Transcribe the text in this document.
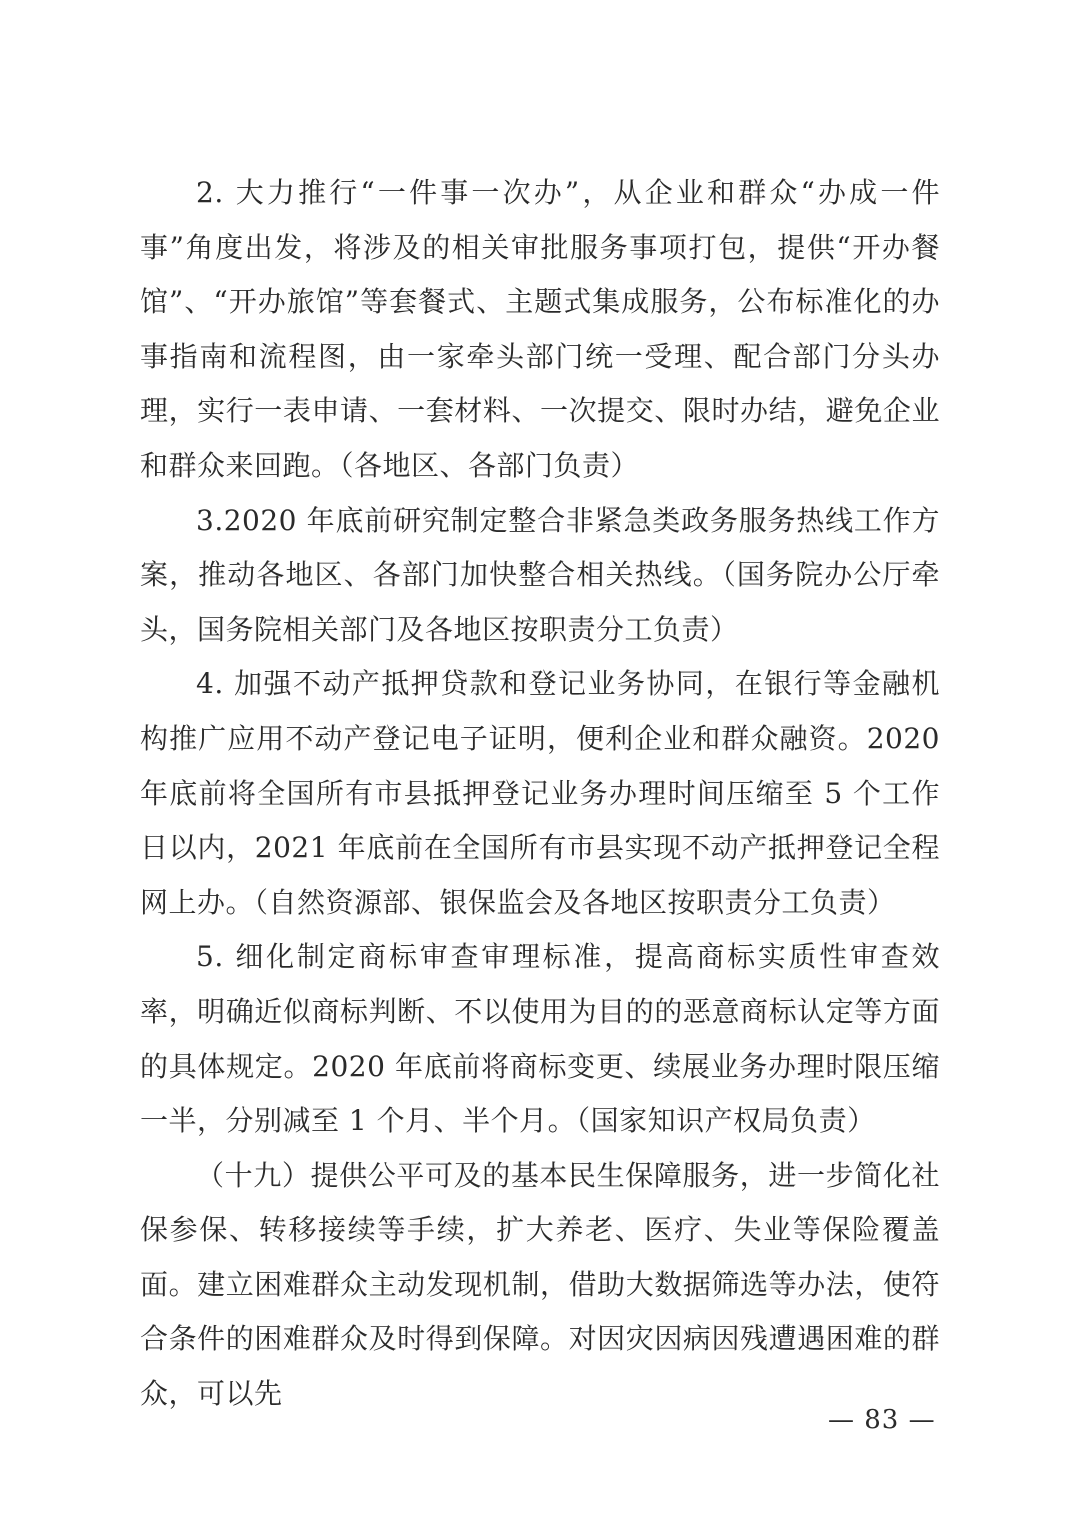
2. 大力推行“一件事一次办”，从企业和群众“办成一件事”角度出发，将涉及的相关审批服务事项打包，提供“开办餐馆”、“开办旅馆”等套餐式、主题式集成服务，公布标准化的办事指南和流程图，由一家牵头部门统一受理、配合部门分头办理，实行一表申请、一套材料、一次提交、限时办结，避免企业和群众来回跑。（各地区、各部门负责）

3.2020 年底前研究制定整合非紧急类政务服务热线工作方案，推动各地区、各部门加快整合相关热线。（国务院办公厅牵头，国务院相关部门及各地区按职责分工负责）

4. 加强不动产抵押贷款和登记业务协同，在银行等金融机构推广应用不动产登记电子证明，便利企业和群众融资。2020 年底前将全国所有市县抵押登记业务办理时间压缩至 5 个工作日以内，2021 年底前在全国所有市县实现不动产抵押登记全程网上办。（自然资源部、银保监会及各地区按职责分工负责）

5. 细化制定商标审查审理标准，提高商标实质性审查效率，明确近似商标判断、不以使用为目的的恶意商标认定等方面的具体规定。2020 年底前将商标变更、续展业务办理时限压缩一半，分别减至 1 个月、半个月。（国家知识产权局负责）

（十九）提供公平可及的基本民生保障服务，进一步简化社保参保、转移接续等手续，扩大养老、医疗、失业等保险覆盖面。建立困难群众主动发现机制，借助大数据筛选等办法，使符合条件的困难群众及时得到保障。对因灾因病因残遭遇困难的群众，可以先

— 83 —
